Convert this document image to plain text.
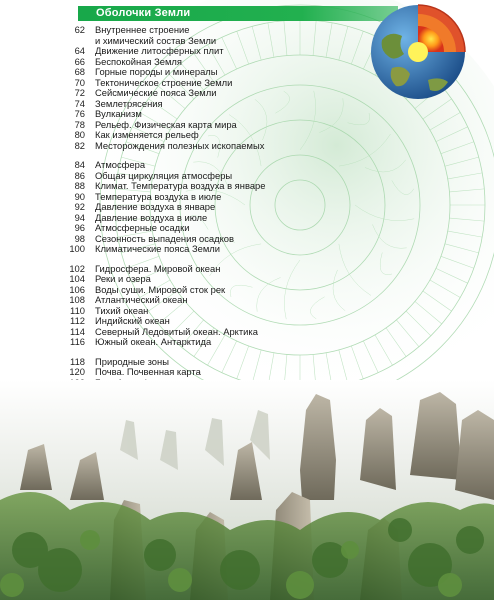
Оболочки Земли
62 Внутреннее строение
и химический состав Земли
64 Движение литосферных плит
66 Беспокойная Земля
68 Горные породы и минералы
70 Тектоническое строение Земли
72 Сейсмические пояса Земли
74 Землетрясения
76 Вулканизм
78 Рельеф. Физическая карта мира
80 Как изменяется рельеф
82 Месторождения полезных ископаемых
84 Атмосфера
86 Общая циркуляция атмосферы
88 Климат. Температура воздуха в январе
90 Температура воздуха в июле
92 Давление воздуха в январе
94 Давление воздуха в июле
96 Атмосферные осадки
98 Сезонность выпадения осадков
100 Климатические пояса Земли
102 Гидросфера. Мировой океан
104 Реки и озера
106 Воды суши. Мировой сток рек
108 Атлантический океан
110 Тихий океан
112 Индийский океан
114 Северный Ледовитый океан. Арктика
116 Южный океан. Антарктида
118 Природные зоны
120 Почва. Почвенная карта
